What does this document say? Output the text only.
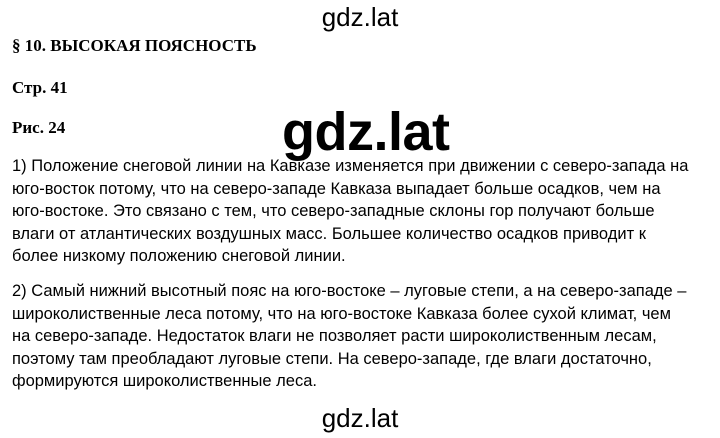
gdz.lat
§ 10. ВЫСОКАЯ ПОЯСНОСТЬ
Стр. 41
Рис. 24
1) Положение снеговой линии на Кавказе изменяется при движении с северо-запада на
юго-восток потому, что на северо-западе Кавказа выпадает больше осадков, чем на
юго-востоке. Это связано с тем, что северо-западные склоны гор получают больше
влаги от атлантических воздушных масс. Большее количество осадков приводит к
более низкому положению снеговой линии.
2) Самый нижний высотный пояс на юго-востоке – луговые степи, а на северо-западе –
широколиственные леса потому, что на юго-востоке Кавказа более сухой климат, чем
на северо-западе. Недостаток влаги не позволяет расти широколиственным лесам,
поэтому там преобладают луговые степи. На северо-западе, где влаги достаточно,
формируются широколиственные леса.
gdz.lat
gdz.lat
